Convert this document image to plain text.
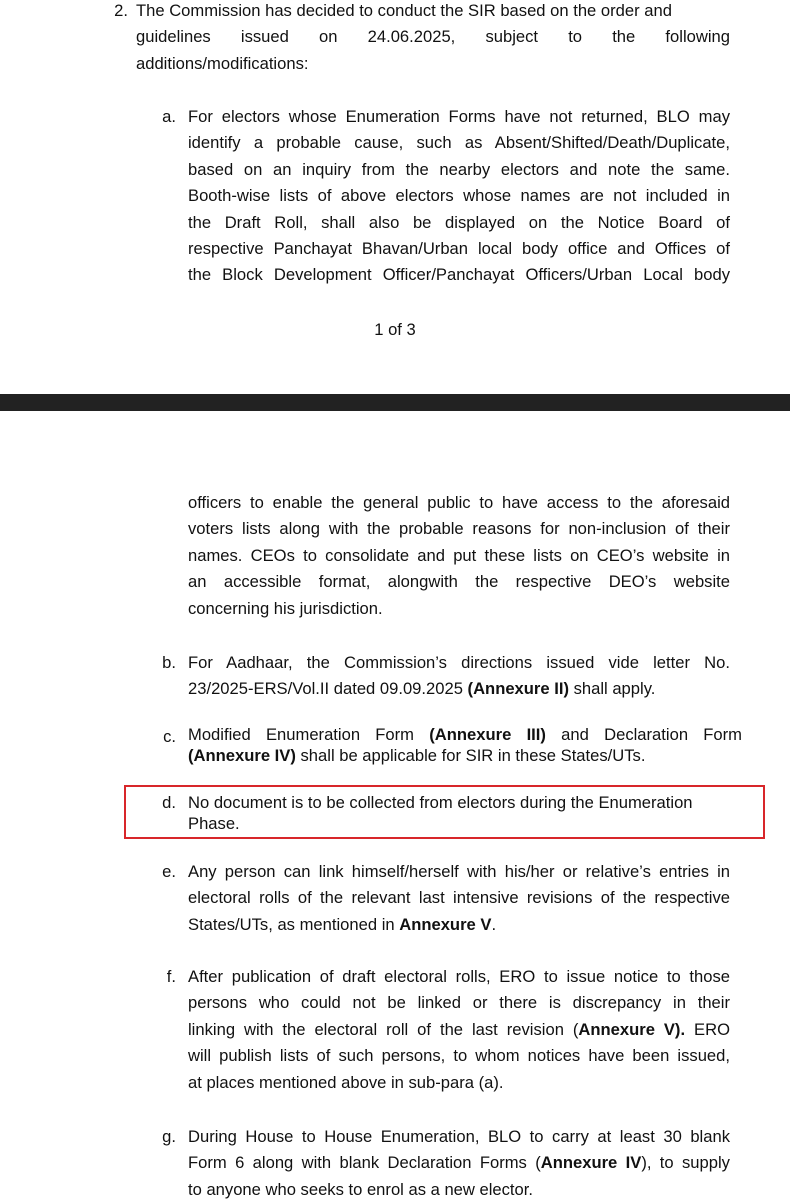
2. The Commission has decided to conduct the SIR based on the order and
guidelines issued on 24.06.2025, subject to the following
additions/modifications:
a. For electors whose Enumeration Forms have not returned, BLO may
identify a probable cause, such as Absent/Shifted/Death/Duplicate,
based on an inquiry from the nearby electors and note the same.
Booth-wise lists of above electors whose names are not included in
the Draft Roll, shall also be displayed on the Notice Board of
respective Panchayat Bhavan/Urban local body office and Offices of
the Block Development Officer/Panchayat Officers/Urban Local body
1 of 3
officers to enable the general public to have access to the aforesaid
voters lists along with the probable reasons for non-inclusion of their
names. CEOs to consolidate and put these lists on CEO’s website in
an accessible format, alongwith the respective DEO’s website
concerning his jurisdiction.
b. For Aadhaar, the Commission’s directions issued vide letter No.
23/2025-ERS/Vol.II dated 09.09.2025 (Annexure II) shall apply.
c. Modified Enumeration Form (Annexure III) and Declaration Form
(Annexure IV) shall be applicable for SIR in these States/UTs.
d. No document is to be collected from electors during the Enumeration
Phase.
e. Any person can link himself/herself with his/her or relative’s entries in
electoral rolls of the relevant last intensive revisions of the respective
States/UTs, as mentioned in Annexure V.
f. After publication of draft electoral rolls, ERO to issue notice to those
persons who could not be linked or there is discrepancy in their
linking with the electoral roll of the last revision (Annexure V). ERO
will publish lists of such persons, to whom notices have been issued,
at places mentioned above in sub-para (a).
g. During House to House Enumeration, BLO to carry at least 30 blank
Form 6 along with blank Declaration Forms (Annexure IV), to supply
to anyone who seeks to enrol as a new elector.
